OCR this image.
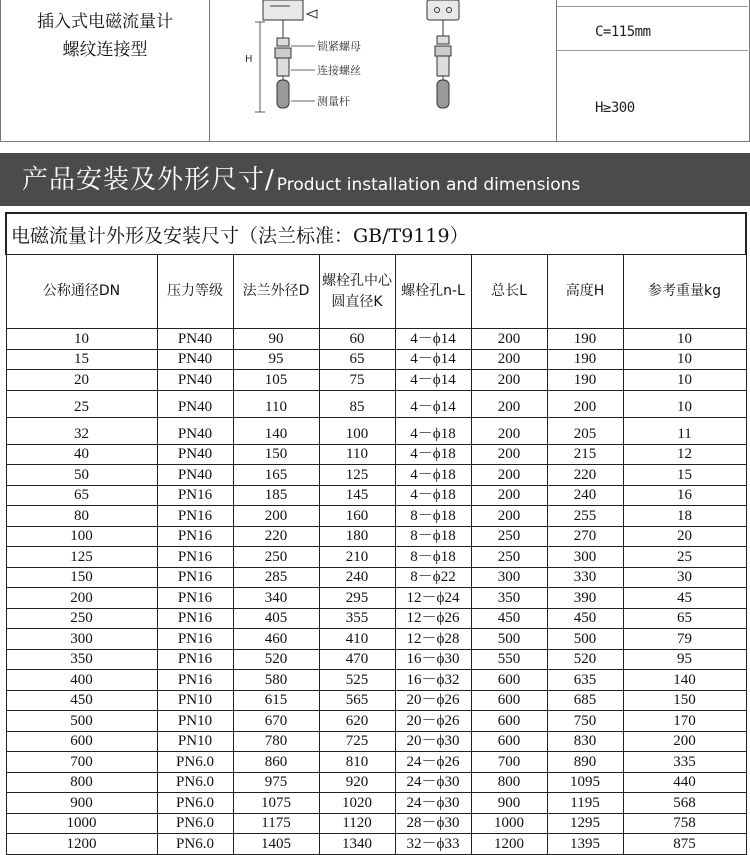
插入式电磁流量计
螺纹连接型	H
锁紧螺母
连接螺丝
测量杆
C=115mm
H≥300
产品安装及外形尺寸/ Product installation and dimensions
电磁流量计外形及安装尺寸（法兰标准：GB/T9119）							
公称通径DN	压力等级	法兰外径D	螺栓孔中心圆直径K	螺栓孔n-L	总长L	高度H	参考重量kg
10	PN40	90	60	4－ϕ14	200	190	10
15	PN40	95	65	4－ϕ14	200	190	10
20	PN40	105	75	4－ϕ14	200	190	10
25	PN40	110	85	4－ϕ14	200	200	10
32	PN40	140	100	4－ϕ18	200	205	11
40	PN40	150	110	4－ϕ18	200	215	12
50	PN40	165	125	4－ϕ18	200	220	15
65	PN16	185	145	4－ϕ18	200	240	16
80	PN16	200	160	8－ϕ18	200	255	18
100	PN16	220	180	8－ϕ18	250	270	20
125	PN16	250	210	8－ϕ18	250	300	25
150	PN16	285	240	8－ϕ22	300	330	30
200	PN16	340	295	12－ϕ24	350	390	45
250	PN16	405	355	12－ϕ26	450	450	65
300	PN16	460	410	12－ϕ28	500	500	79
350	PN16	520	470	16－ϕ30	550	520	95
400	PN16	580	525	16－ϕ32	600	635	140
450	PN10	615	565	20－ϕ26	600	685	150
500	PN10	670	620	20－ϕ26	600	750	170
600	PN10	780	725	20－ϕ30	600	830	200
700	PN6.0	860	810	24－ϕ26	700	890	335
800	PN6.0	975	920	24－ϕ30	800	1095	440
900	PN6.0	1075	1020	24－ϕ30	900	1195	568
1000	PN6.0	1175	1120	28－ϕ30	1000	1295	758
1200	PN6.0	1405	1340	32－ϕ33	1200	1395	875
